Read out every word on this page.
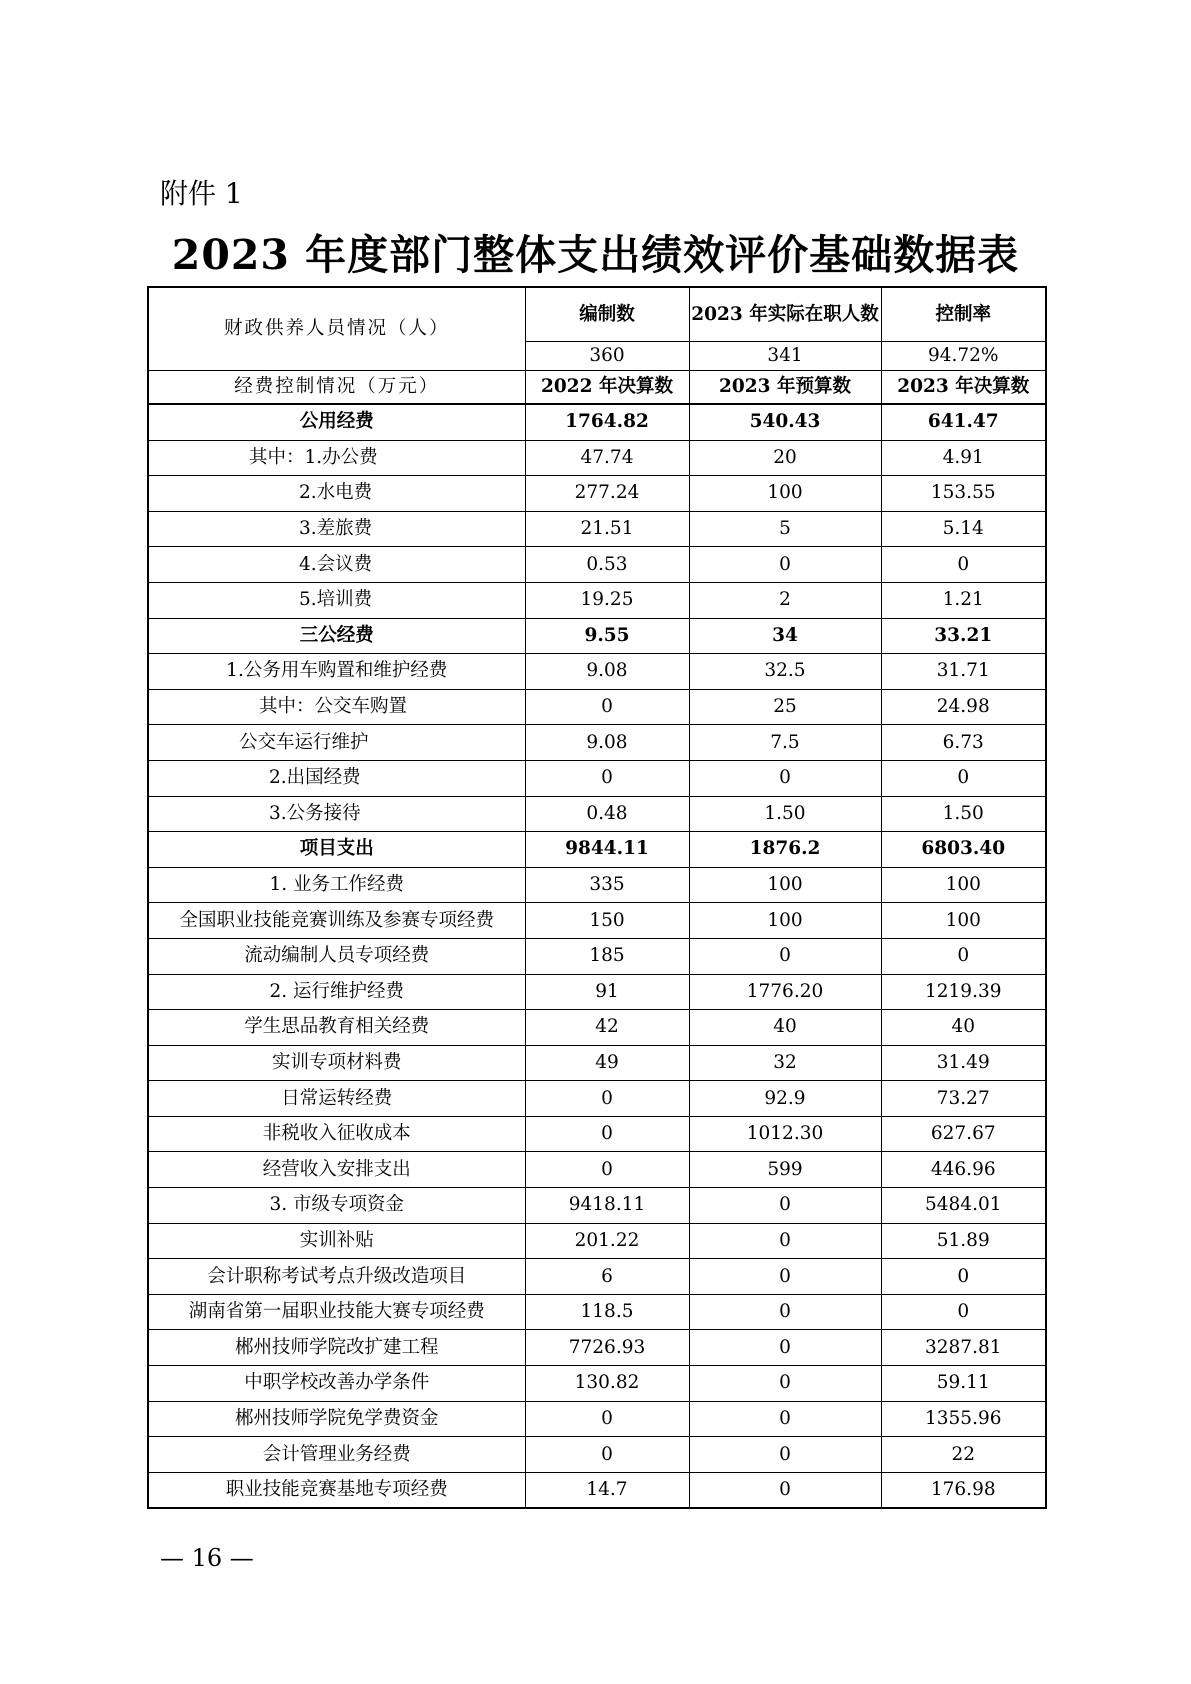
附件 1
2023 年度部门整体支出绩效评价基础数据表
财政供养人员情况（人）	编制数	2023 年实际在职人数	控制率
	360	341	94.72%
经费控制情况（万元）	2022 年决算数	2023 年预算数	2023 年决算数
公用经费	1764.82	540.43	641.47
其中：1.办公费	47.74	20	4.91
2.水电费	277.24	100	153.55
3.差旅费	21.51	5	5.14
4.会议费	0.53	0	0
5.培训费	19.25	2	1.21
三公经费	9.55	34	33.21
1.公务用车购置和维护经费	9.08	32.5	31.71
其中：公交车购置	0	25	24.98
公交车运行维护	9.08	7.5	6.73
2.出国经费	0	0	0
3.公务接待	0.48	1.50	1.50
项目支出	9844.11	1876.2	6803.40
1. 业务工作经费	335	100	100
全国职业技能竞赛训练及参赛专项经费	150	100	100
流动编制人员专项经费	185	0	0
2. 运行维护经费	91	1776.20	1219.39
学生思品教育相关经费	42	40	40
实训专项材料费	49	32	31.49
日常运转经费	0	92.9	73.27
非税收入征收成本	0	1012.30	627.67
经营收入安排支出	0	599	446.96
3. 市级专项资金	9418.11	0	5484.01
实训补贴	201.22	0	51.89
会计职称考试考点升级改造项目	6	0	0
湖南省第一届职业技能大赛专项经费	118.5	0	0
郴州技师学院改扩建工程	7726.93	0	3287.81
中职学校改善办学条件	130.82	0	59.11
郴州技师学院免学费资金	0	0	1355.96
会计管理业务经费	0	0	22
职业技能竞赛基地专项经费	14.7	0	176.98
— 16 —
